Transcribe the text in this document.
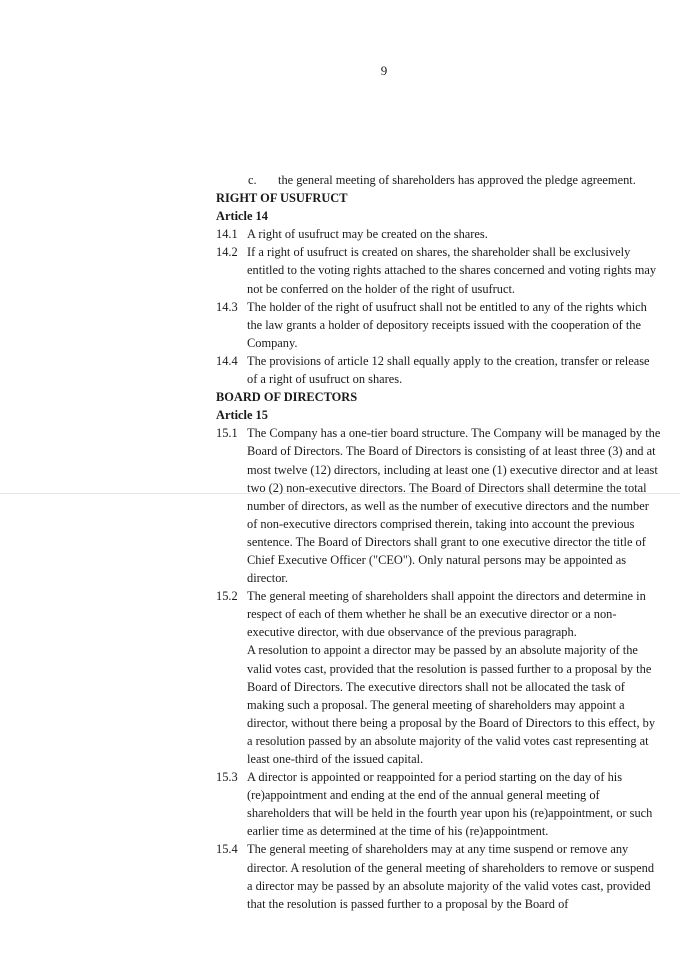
9
c.	the general meeting of shareholders has approved the pledge agreement.
RIGHT OF USUFRUCT
Article 14
14.1 A right of usufruct may be created on the shares.
14.2 If a right of usufruct is created on shares, the shareholder shall be exclusively entitled to the voting rights attached to the shares concerned and voting rights may not be conferred on the holder of the right of usufruct.
14.3 The holder of the right of usufruct shall not be entitled to any of the rights which the law grants a holder of depository receipts issued with the cooperation of the Company.
14.4 The provisions of article 12 shall equally apply to the creation, transfer or release of a right of usufruct on shares.
BOARD OF DIRECTORS
Article 15
15.1 The Company has a one-tier board structure. The Company will be managed by the Board of Directors. The Board of Directors is consisting of at least three (3) and at most twelve (12) directors, including at least one (1) executive director and at least two (2) non-executive directors. The Board of Directors shall determine the total number of directors, as well as the number of executive directors and the number of non-executive directors comprised therein, taking into account the previous sentence. The Board of Directors shall grant to one executive director the title of Chief Executive Officer ("CEO"). Only natural persons may be appointed as director.
15.2 The general meeting of shareholders shall appoint the directors and determine in respect of each of them whether he shall be an executive director or a non-executive director, with due observance of the previous paragraph.
A resolution to appoint a director may be passed by an absolute majority of the valid votes cast, provided that the resolution is passed further to a proposal by the Board of Directors. The executive directors shall not be allocated the task of making such a proposal. The general meeting of shareholders may appoint a director, without there being a proposal by the Board of Directors to this effect, by a resolution passed by an absolute majority of the valid votes cast representing at least one-third of the issued capital.
15.3 A director is appointed or reappointed for a period starting on the day of his (re)appointment and ending at the end of the annual general meeting of shareholders that will be held in the fourth year upon his (re)appointment, or such earlier time as determined at the time of his (re)appointment.
15.4 The general meeting of shareholders may at any time suspend or remove any director. A resolution of the general meeting of shareholders to remove or suspend a director may be passed by an absolute majority of the valid votes cast, provided that the resolution is passed further to a proposal by the Board of
